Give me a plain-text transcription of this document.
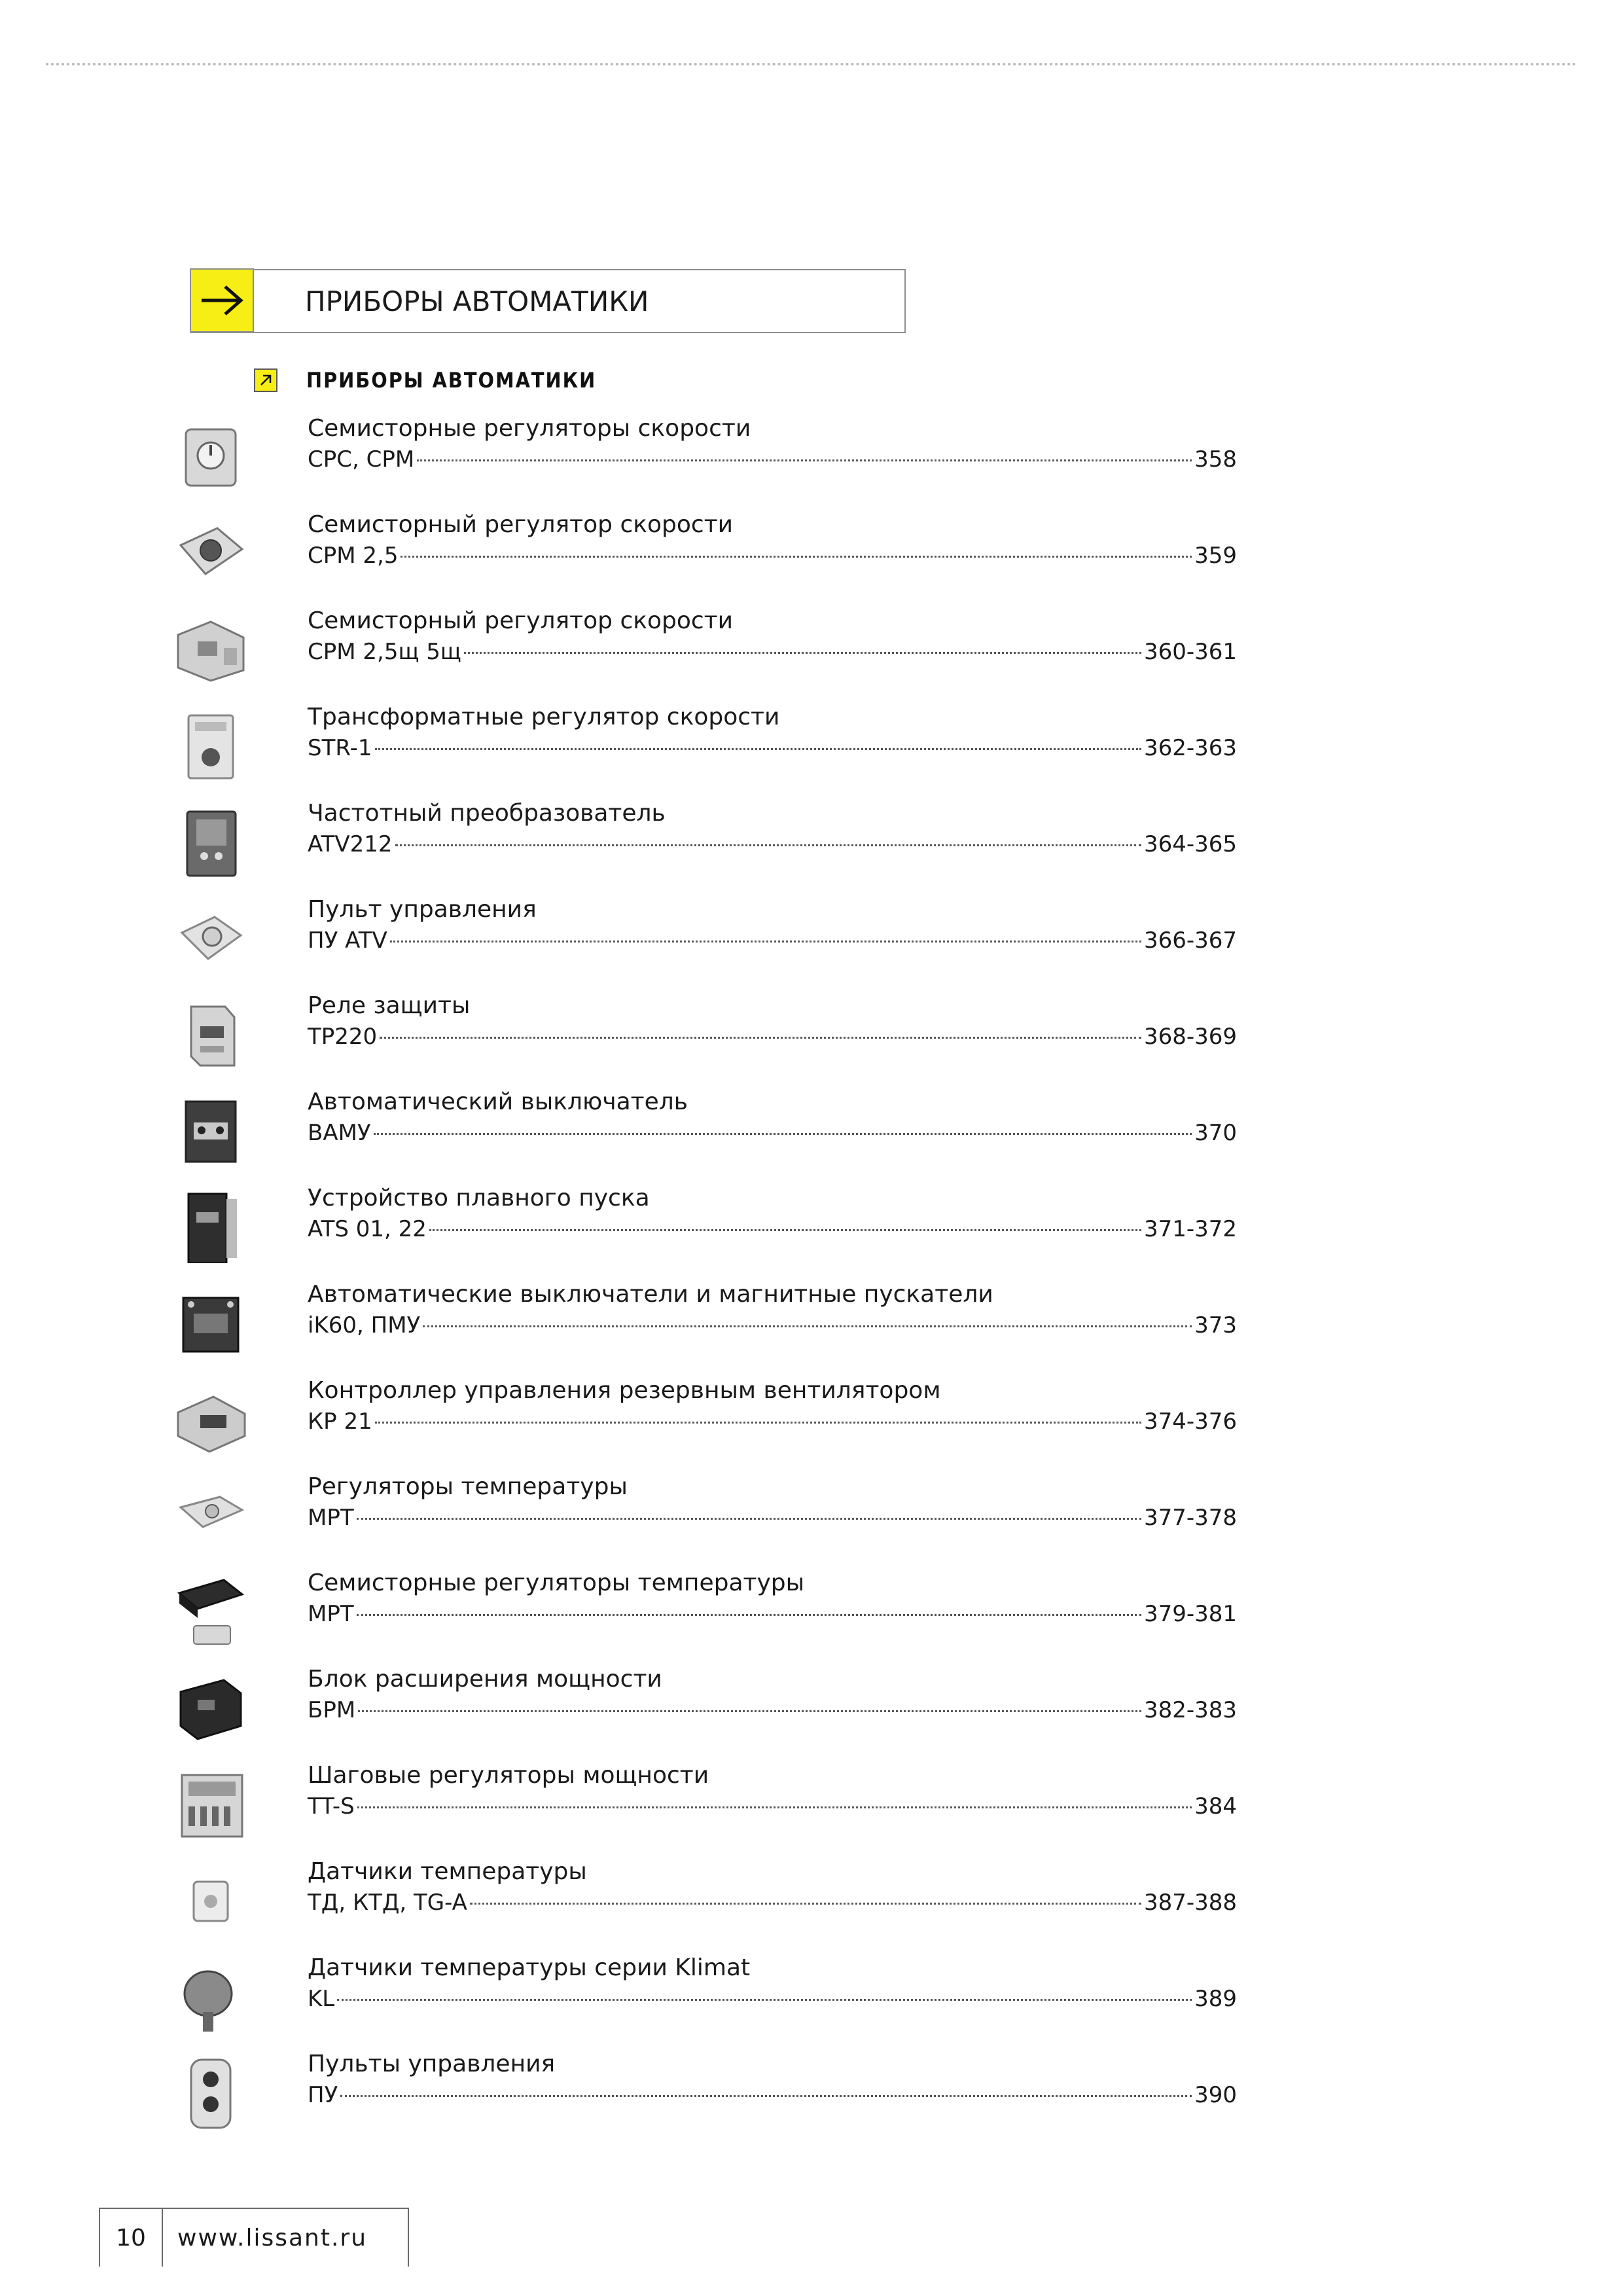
ПРИБОРЫ АВТОМАТИКИ
ПРИБОРЫ АВТОМАТИКИ
Семисторные регуляторы скорости
СРС, СРМ	358
Семисторный регулятор скорости
СРМ 2,5	359
Семисторный регулятор скорости
СРМ 2,5щ 5щ	360-361
Трансформатные регулятор скорости
STR-1	362-363
Частотный преобразователь
ATV212	364-365
Пульт управления
ПУ ATV	366-367
Реле защиты
ТР220	368-369
Автоматический выключатель
ВАМУ	370
Устройство плавного пуска
ATS 01, 22	371-372
Автоматические выключатели и магнитные пускатели
iK60, ПМУ	373
Контроллер управления резервным вентилятором
КР 21	374-376
Регуляторы температуры
МРТ	377-378
Семисторные регуляторы температуры
МРТ	379-381
Блок расширения мощности
БРМ	382-383
Шаговые регуляторы мощности
TT-S	384
Датчики температуры
ТД, КТД, TG-A	387-388
Датчики температуры серии Klimat
KL	389
Пульты управления
ПУ	390
10	www.lissant.ru
